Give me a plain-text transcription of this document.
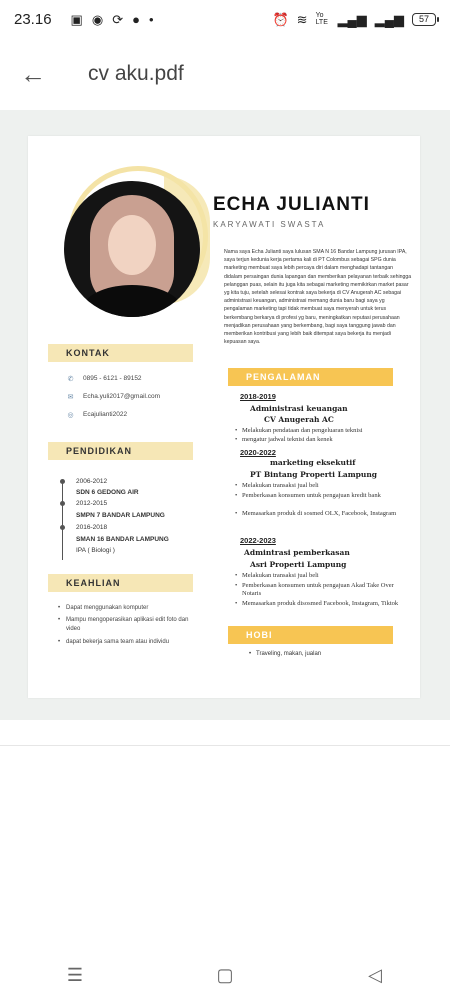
23.16 ▣ ◉ ⟳ ● •	⏰ ≋ Yo LTE ▂▄▆ ▂▄▆ 57
←	cv aku.pdf
ECHA JULIANTI
KARYAWATI SWASTA
Nama saya Echa Julianti saya lulusan SMA N 16 Bandar Lampung jurusan IPA, saya terjun kedunia kerja pertama kali di PT Colombus sebagai SPG dunia marketing membuat saya lebih percaya diri dalam menghadapi tantangan didalam persaingan dunia lapangan dan memberikan pelayanan terbaik sehingga pelanggan puas, selain itu juga kita sebagai marketing memikirkan market pasar yg kita tuju, setelah selesai kontrak saya bekerja di CV Anugerah AC sebagai administrasi keuangan, administrasi memang dunia baru bagi saya yg pengalaman marketing tapi tidak membuat saya menyerah untuk terus berkembang berkarya di profesi yg baru, meningkatkan reputasi perusahaan menjadikan perusahaan yang berkembang, bagi saya tanggung jawab dan memberikan kontribusi yang lebih baik ditempat saya bekerja itu menjadi kepuasan saya.
KONTAK
✆ 0895 - 6121 - 89152
✉ Echa.yuli2017@gmail.com
◎ Ecajulianti2022
PENDIDIKAN
2006-2012
SDN 6 GEDONG AIR
2012-2015
SMPN 7 BANDAR LAMPUNG
2016-2018
SMAN 16 BANDAR LAMPUNG
IPA ( Biologi )
KEAHLIAN
• Dapat menggunakan komputer
• Mampu mengoperasikan aplikasi edit foto dan video
• dapat bekerja sama team atau individu
PENGALAMAN
2018-2019
Administrasi keuangan
CV Anugerah AC
• Melakukan pendataan dan pengeluaran teknisi
• mengatur jadwal teknisi dan kenek
2020-2022
marketing eksekutif
PT Bintang Properti Lampung
• Melakukan transaksi jual beli
• Pemberkasan konsumen untuk pengajuan kredit bank
• Memasarkan produk di sosmed OLX, Facebook, Instagram
2022-2023
Admintrasi pemberkasan
Asri Properti Lampung
• Melakukan transaksi jual beli
• Pemberkasan konsumen untuk pengajuan Akad Take Over Notaris
• Memasarkan produk disosmed Facebook, Instagram, Tiktok
HOBI
• Traveling, makan, jualan
☰	▢	◁
